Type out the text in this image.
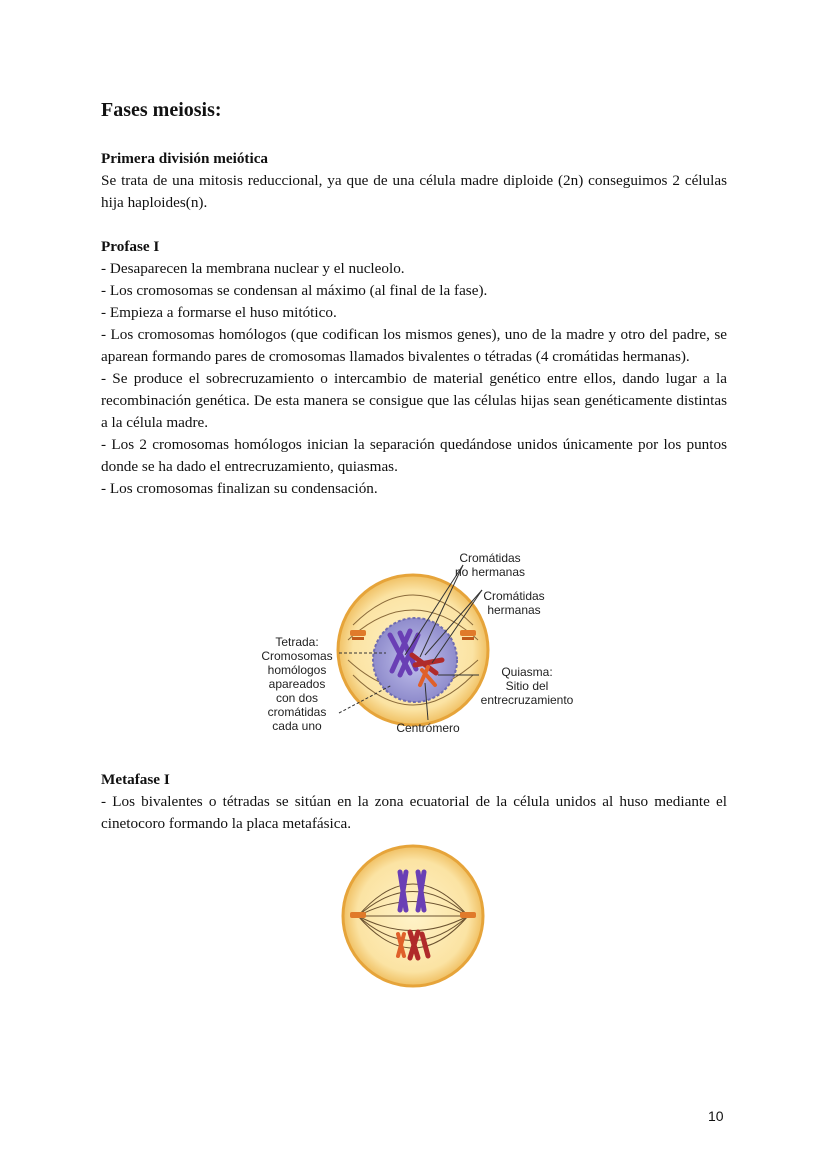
Fases meiosis:
Primera división meiótica
Se trata de una mitosis reduccional, ya que de una célula madre diploide (2n) conseguimos 2 células hija haploides(n).
Profase I
- Desaparecen la membrana nuclear y el nucleolo.
- Los cromosomas se condensan al máximo (al final de la fase).
- Empieza a formarse el huso mitótico.
- Los cromosomas homólogos (que codifican los mismos genes), uno de la madre y otro del padre, se aparean formando pares de cromosomas llamados bivalentes o tétradas (4 cromátidas hermanas).
- Se produce el sobrecruzamiento o intercambio de material genético entre ellos, dando lugar a la recombinación genética. De esta manera se consigue que las células hijas sean genéticamente distintas a la célula madre.
- Los 2 cromosomas homólogos inician la separación quedándose unidos únicamente por los puntos donde se ha dado el entrecruzamiento, quiasmas.
- Los cromosomas finalizan su condensación.
Cromátidas
no hermanas
Cromátidas
hermanas
Tetrada:
Cromosomas
homólogos
apareados
con dos
cromátidas
cada uno
Quiasma:
Sitio del
entrecruzamiento
Centrómero
Metafase I
- Los bivalentes o tétradas se sitúan en la zona ecuatorial de la célula unidos al huso mediante el cinetocoro formando la placa metafásica.
10
